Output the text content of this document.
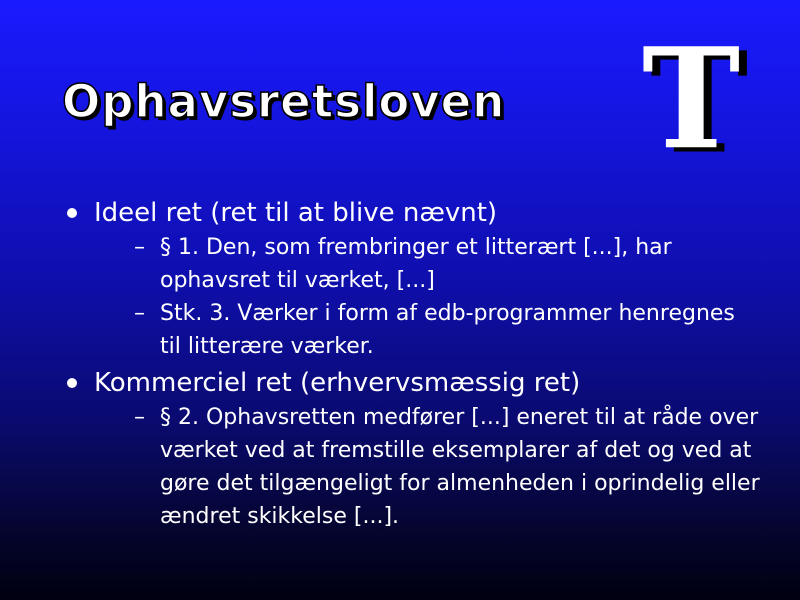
Ophavsretsloven T
Ideel ret (ret til at blive nævnt)
– § 1. Den, som frembringer et litterært [...], har ophavsret til værket, [...]
– Stk. 3. Værker i form af edb-programmer henregnes til litterære værker.
Kommerciel ret (erhvervsmæssig ret)
– § 2. Ophavsretten medfører [...] eneret til at råde over værket ved at fremstille eksemplarer af det og ved at gøre det tilgængeligt for almenheden i oprindelig eller ændret skikkelse [...].
